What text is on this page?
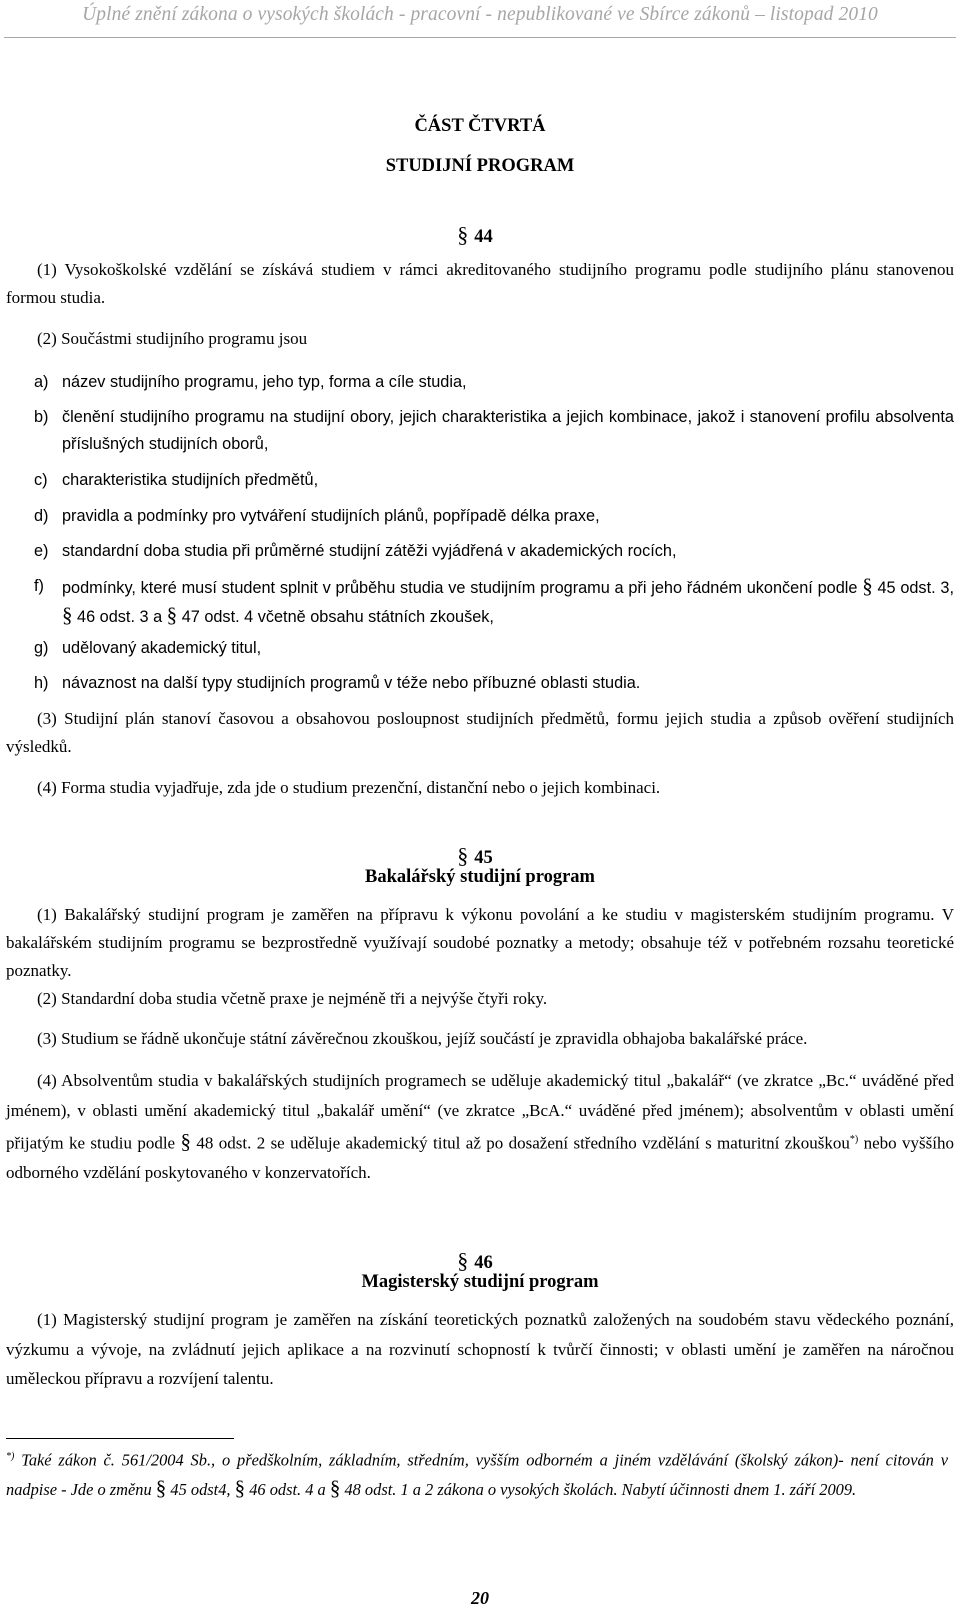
Úplné znění zákona o vysokých školách - pracovní - nepublikované ve Sbírce zákonů – listopad 2010
ČÁST ČTVRTÁ
STUDIJNÍ PROGRAM
§ 44
(1) Vysokoškolské vzdělání se získává studiem v rámci akreditovaného studijního programu podle studijního plánu stanovenou formou studia.
(2) Součástmi studijního programu jsou
a) název studijního programu, jeho typ, forma a cíle studia,
b) členění studijního programu na studijní obory, jejich charakteristika a jejich kombinace, jakož i stanovení profilu absolventa příslušných studijních oborů,
c) charakteristika studijních předmětů,
d) pravidla a podmínky pro vytváření studijních plánů, popřípadě délka praxe,
e) standardní doba studia při průměrné studijní zátěži vyjádřená v akademických rocích,
f) podmínky, které musí student splnit v průběhu studia ve studijním programu a při jeho řádném ukončení podle § 45 odst. 3, § 46 odst. 3 a § 47 odst. 4 včetně obsahu státních zkoušek,
g) udělovaný akademický titul,
h) návaznost na další typy studijních programů v téže nebo příbuzné oblasti studia.
(3) Studijní plán stanoví časovou a obsahovou posloupnost studijních předmětů, formu jejich studia a způsob ověření studijních výsledků.
(4) Forma studia vyjadřuje, zda jde o studium prezenční, distanční nebo o jejich kombinaci.
§ 45
Bakalářský studijní program
(1) Bakalářský studijní program je zaměřen na přípravu k výkonu povolání a ke studiu v magisterském studijním programu. V bakalářském studijním programu se bezprostředně využívají soudobé poznatky a metody; obsahuje též v potřebném rozsahu teoretické poznatky.
(2) Standardní doba studia včetně praxe je nejméně tři a nejvýše čtyři roky.
(3) Studium se řádně ukončuje státní závěrečnou zkouškou, jejíž součástí je zpravidla obhajoba bakalářské práce.
(4) Absolventům studia v bakalářských studijních programech se uděluje akademický titul „bakalář“ (ve zkratce „Bc.“ uváděné před jménem), v oblasti umění akademický titul „bakalář umění“ (ve zkratce „BcA.“ uváděné před jménem); absolventům v oblasti umění přijatým ke studiu podle § 48 odst. 2 se uděluje akademický titul až po dosažení středního vzdělání s maturitní zkouškou*) nebo vyššího odborného vzdělání poskytovaného v konzervatořích.
§ 46
Magisterský studijní program
(1) Magisterský studijní program je zaměřen na získání teoretických poznatků založených na soudobém stavu vědeckého poznání, výzkumu a vývoje, na zvládnutí jejich aplikace a na rozvinutí schopností k tvůrčí činnosti; v oblasti umění je zaměřen na náročnou uměleckou přípravu a rozvíjení talentu.
*) Také zákon č. 561/2004 Sb., o předškolním, základním, středním, vyšším odborném a jiném vzdělávání (školský zákon)- není citován v nadpise - Jde o změnu § 45 odst4, § 46 odst. 4 a § 48 odst. 1 a 2 zákona o vysokých školách. Nabytí účinnosti dnem 1. září 2009.
20
